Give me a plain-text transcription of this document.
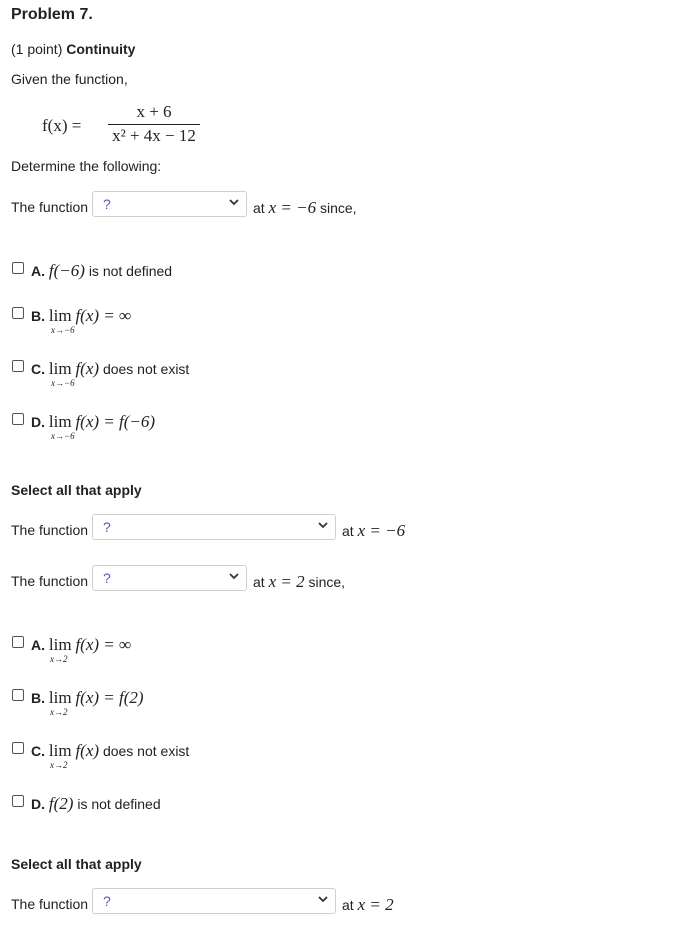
Problem 7.
(1 point) Continuity
Given the function,
f(x) =
x + 6
x² + 4x − 12
Determine the following:
The function ?	at x = −6 since,
A. f(−6) is not defined
B. lim f(x) = ∞
x→−6
C. lim f(x) does not exist
x→−6
D. lim f(x) = f(−6)
x→−6
Select all that apply
The function ?	at x = −6
The function ?	at x = 2 since,
A. lim f(x) = ∞
x→2
B. lim f(x) = f(2)
x→2
C. lim f(x) does not exist
x→2
D. f(2) is not defined
Select all that apply
The function ?	at x = 2
